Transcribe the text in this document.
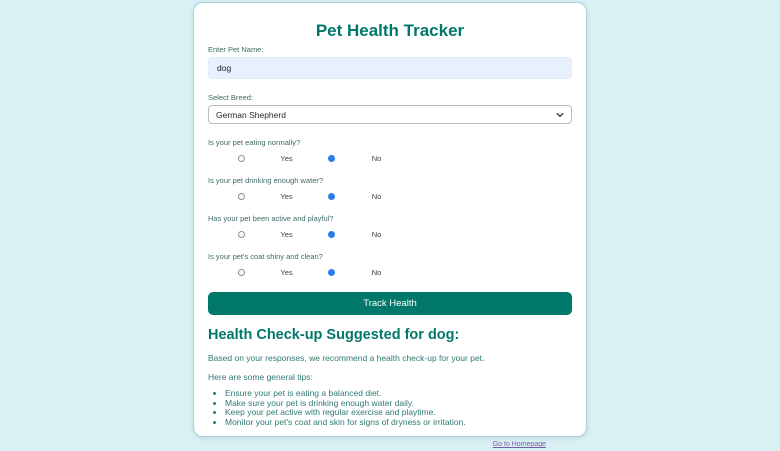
Pet Health Tracker
Enter Pet Name:
dog
Select Breed:
German Shepherd
Is your pet eating normally?
Yes	No
Is your pet drinking enough water?
Yes	No
Has your pet been active and playful?
Yes	No
Is your pet's coat shiny and clean?
Yes	No
Track Health
Health Check-up Suggested for dog:

Based on your responses, we recommend a health check-up for your pet.

Here are some general tips:

• Ensure your pet is eating a balanced diet.
• Make sure your pet is drinking enough water daily.
• Keep your pet active with regular exercise and playtime.
• Monitor your pet's coat and skin for signs of dryness or irritation.
Go to Homepage
